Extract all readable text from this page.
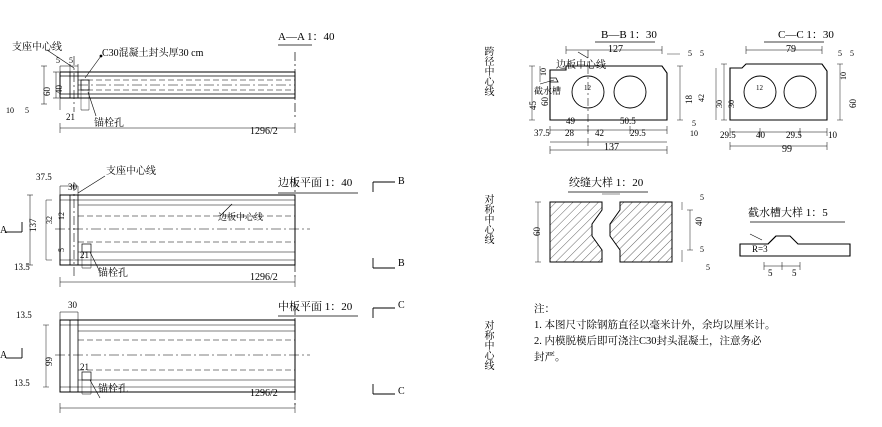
A—A 1：40
支座中心线
C30混凝土封头厚30 cm	跨径中心线
锚栓孔
60 40
5 5
10 5
21
1296/2
边板平面 1：40
支座中心线
边板中心线	对称中心线
锚栓孔
A
B
B
37.5
30
137 32 12
5
13.5
21
1296/2
中板平面 1：20
对称中心线
锚栓孔
A
C
C
30
13.5
99
13.5
21
1296/2
12
B—B 1：30
边板中心线
截水槽
127	5 5
10
45 60	18 42
5
10
37.5 28 42	29.5
49	50.5
137
12
C—C 1：30
79	5 5
30 30
10
60
29.5 40 29.5	10
99
绞缝大样 1：20
5
5
40
60
5
截水槽大样 1：5
R=3
5 5
注：
1. 本图尺寸除钢筋直径以毫米计外，余均以厘米计。
2. 内模脱模后即可浇注C30封头混凝土，注意务必
封严。
